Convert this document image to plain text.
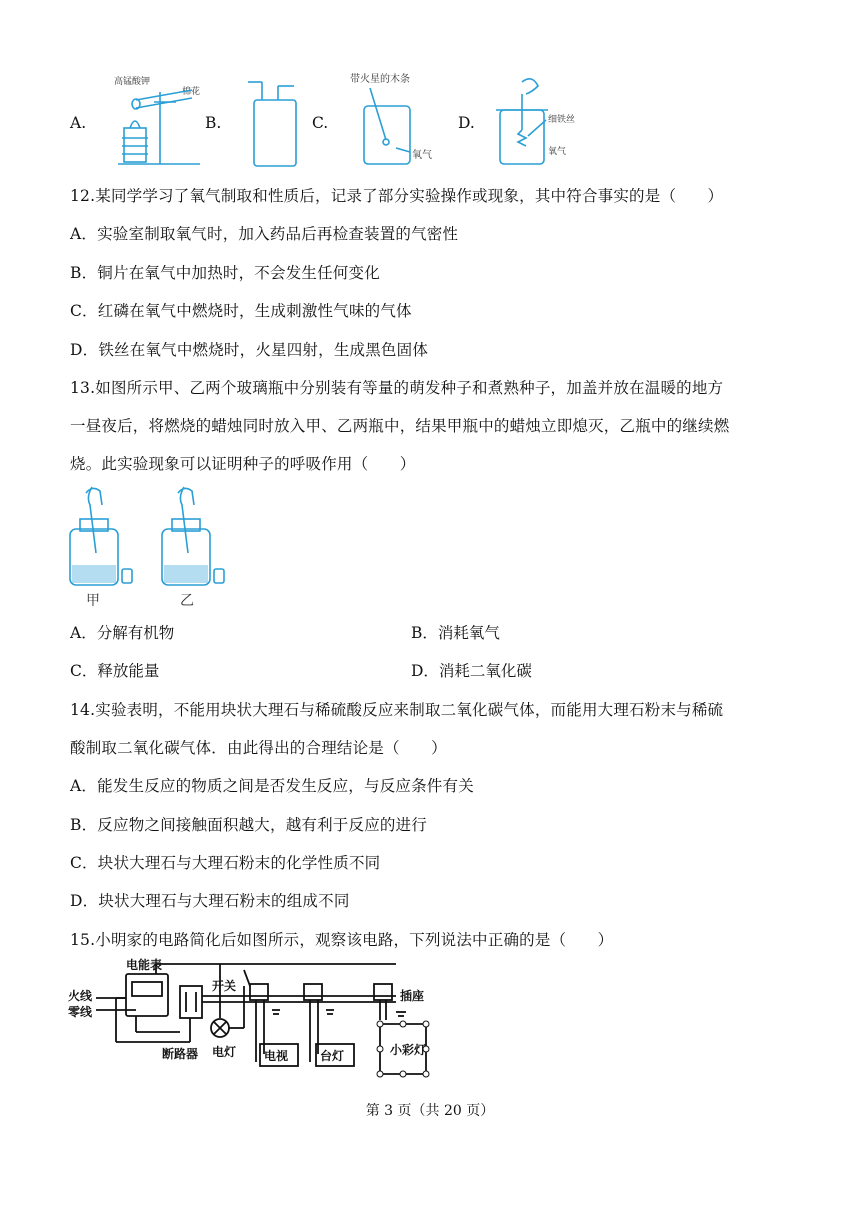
A.
高锰酸钾
棉花
B.	C.
带火星的木条
氧气
D.	细铁丝
氧气
12.某同学学习了氧气制取和性质后，记录了部分实验操作或现象，其中符合事实的是（　　）
A．实验室制取氧气时，加入药品后再检查装置的气密性
B．铜片在氧气中加热时，不会发生任何变化
C．红磷在氧气中燃烧时，生成刺激性气味的气体
D．铁丝在氧气中燃烧时，火星四射，生成黑色固体
13.如图所示甲、乙两个玻璃瓶中分别装有等量的萌发种子和煮熟种子，加盖并放在温暖的地方
一昼夜后，将燃烧的蜡烛同时放入甲、乙两瓶中，结果甲瓶中的蜡烛立即熄灭，乙瓶中的继续燃
烧。此实验现象可以证明种子的呼吸作用（　　）
甲	乙
A．分解有机物	B．消耗氧气
C．释放能量	D．消耗二氧化碳
14.实验表明，不能用块状大理石与稀硫酸反应来制取二氧化碳气体，而能用大理石粉末与稀硫
酸制取二氧化碳气体．由此得出的合理结论是（　　）
A．能发生反应的物质之间是否发生反应，与反应条件有关
B．反应物之间接触面积越大，越有利于反应的进行
C．块状大理石与大理石粉末的化学性质不同
D．块状大理石与大理石粉末的组成不同
15.小明家的电路简化后如图所示，观察该电路，下列说法中正确的是（　　）
电能表
火线
零线
断路器
开关
电灯 电视	台灯
插座
小彩灯
第 3 页（共 20 页）
